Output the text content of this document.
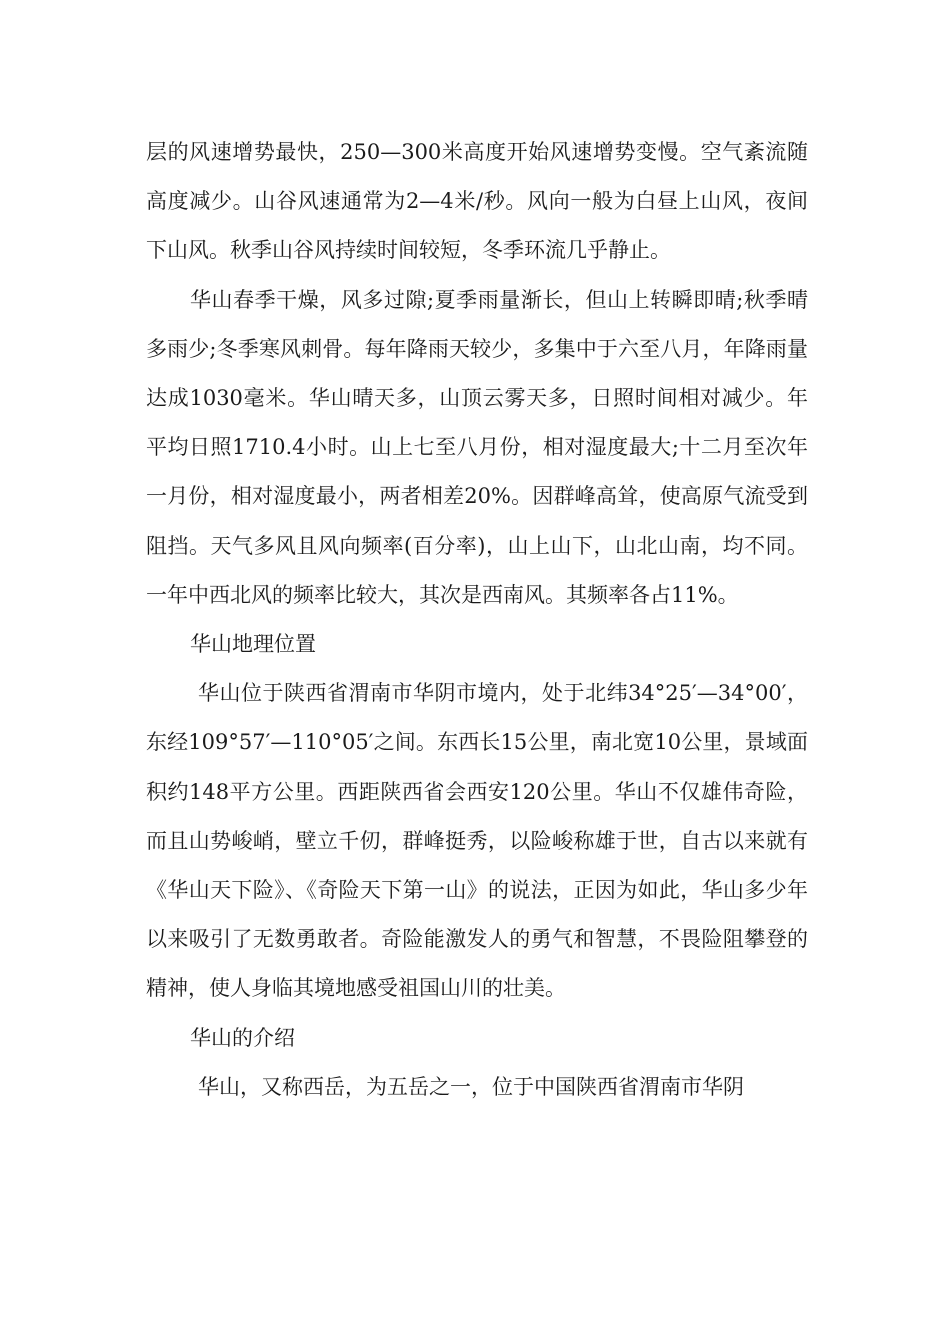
层的风速增势最快，250—300米高度开始风速增势变慢。空气紊流随高度减少。山谷风速通常为2—4米/秒。风向一般为白昼上山风，夜间下山风。秋季山谷风持续时间较短，冬季环流几乎静止。

华山春季干燥，风多过隙;夏季雨量渐长，但山上转瞬即晴;秋季晴多雨少;冬季寒风刺骨。每年降雨天较少，多集中于六至八月，年降雨量达成1030毫米。华山晴天多，山顶云雾天多，日照时间相对减少。年平均日照1710.4小时。山上七至八月份，相对湿度最大;十二月至次年一月份，相对湿度最小，两者相差20%。因群峰高耸，使高原气流受到阻挡。天气多风且风向频率(百分率)，山上山下，山北山南，均不同。一年中西北风的频率比较大，其次是西南风。其频率各占11%。

华山地理位置

华山位于陕西省渭南市华阴市境内，处于北纬34°25′—34°00′，东经109°57′—110°05′之间。东西长15公里，南北宽10公里，景域面积约148平方公里。西距陕西省会西安120公里。华山不仅雄伟奇险，而且山势峻峭，壁立千仞，群峰挺秀，以险峻称雄于世，自古以来就有《华山天下险》、《奇险天下第一山》的说法，正因为如此，华山多少年以来吸引了无数勇敢者。奇险能激发人的勇气和智慧，不畏险阻攀登的精神，使人身临其境地感受祖国山川的壮美。

华山的介绍

华山，又称西岳，为五岳之一，位于中国陕西省渭南市华阴
